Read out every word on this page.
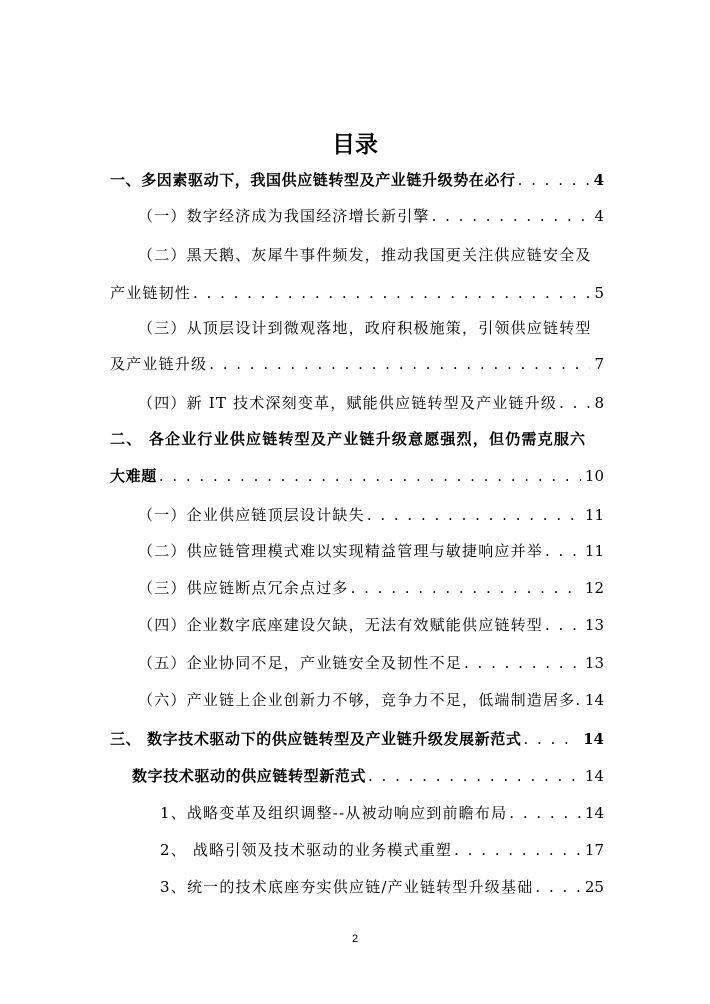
目录
一、多因素驱动下，我国供应链转型及产业链升级势在必行 . . .	4
（一）数字经济成为我国经济增长新引擎 . . .	4
（二）黑天鹅、灰犀牛事件频发，推动我国更关注供应链安全及
产业链韧性 . . .	5
（三）从顶层设计到微观落地，政府积极施策，引领供应链转型
及产业链升级 . . .	7
（四）新 IT 技术深刻变革，赋能供应链转型及产业链升级 . . . 8
二、 各企业行业供应链转型及产业链升级意愿强烈，但仍需克服六
大难题 . . .	10
（一）企业供应链顶层设计缺失 . . .	11
（二）供应链管理模式难以实现精益管理与敏捷响应并举 . . .	11
（三）供应链断点冗余点过多 . . .	12
（四）企业数字底座建设欠缺，无法有效赋能供应链转型 . . .	13
（五）企业协同不足，产业链安全及韧性不足 . . .	13
（六）产业链上企业创新力不够，竞争力不足，低端制造居多 . . . 14
三、 数字技术驱动下的供应链转型及产业链升级发展新范式 . . .	14
数字技术驱动的供应链转型新范式 . . .	14
1、战略变革及组织调整--从被动响应到前瞻布局 . . .	14
2、 战略引领及技术驱动的业务模式重塑 . . .	17
3、统一的技术底座夯实供应链/产业链转型升级基础 . . .	25
2
